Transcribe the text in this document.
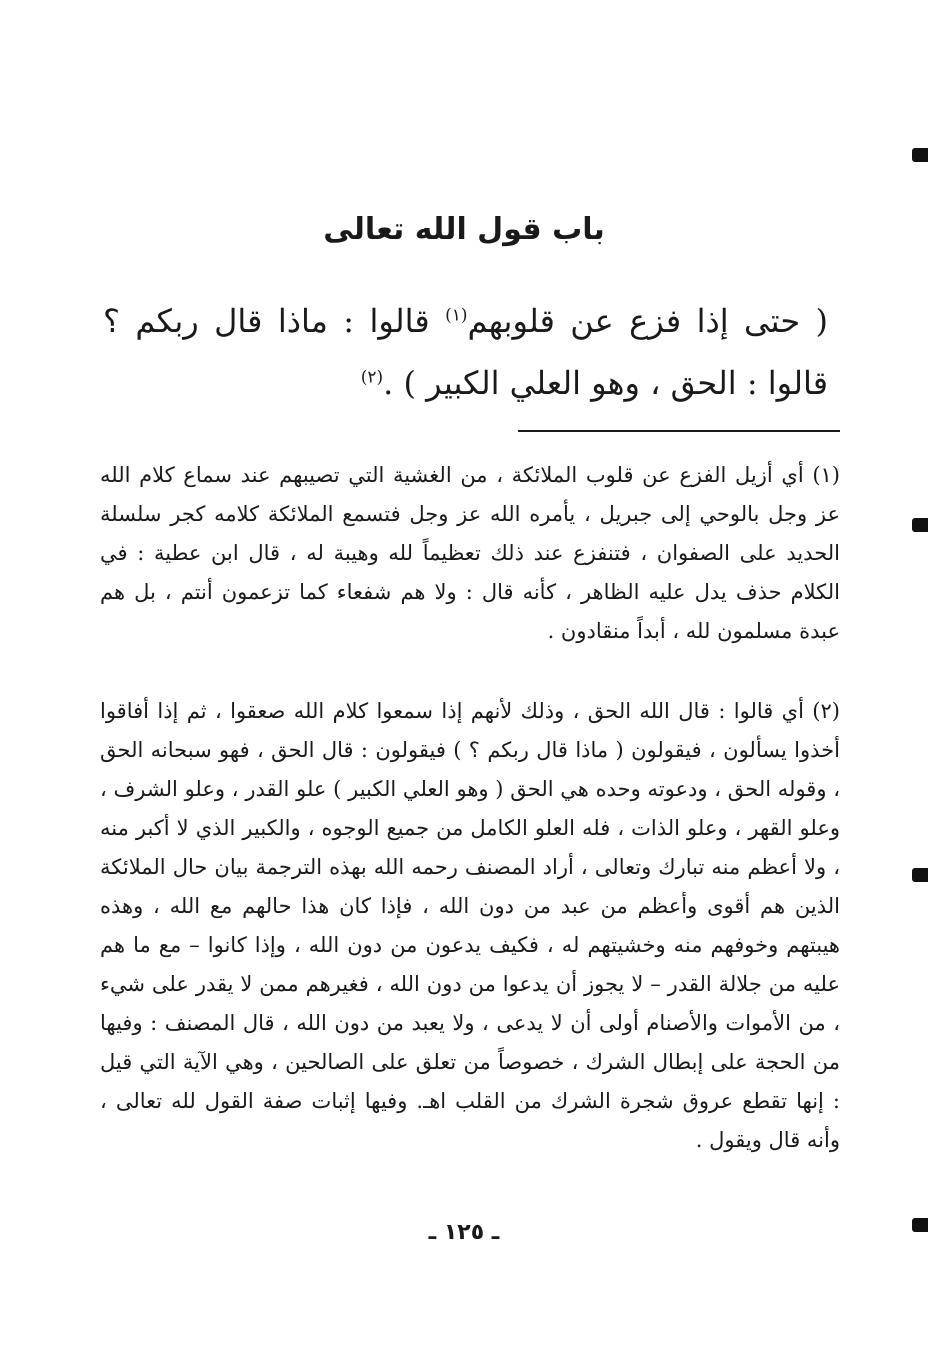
باب قول الله تعالى
( حتى إذا فزع عن قلوبهم$^{(١)}$ قالوا : ماذا قال ربكم ؟ قالوا : الحق ، وهو العلي الكبير ) .$^{(٢)}$
(١) أي أزيل الفزع عن قلوب الملائكة ، من الغشية التي تصيبهم عند سماع كلام الله عز وجل بالوحي إلى جبريل ، يأمره الله عز وجل فتسمع الملائكة كلامه كجر سلسلة الحديد على الصفوان ، فتنفزع عند ذلك تعظيماً لله وهيبة له ، قال ابن عطية : في الكلام حذف يدل عليه الظاهر ، كأنه قال : ولا هم شفعاء كما تزعمون أنتم ، بل هم عبدة مسلمون لله ، أبداً منقادون .
(٢) أي قالوا : قال الله الحق ، وذلك لأنهم إذا سمعوا كلام الله صعقوا ، ثم إذا أفاقوا أخذوا يسألون ، فيقولون ( ماذا قال ربكم ؟ ) فيقولون : قال الحق ، فهو سبحانه الحق ، وقوله الحق ، ودعوته وحده هي الحق ( وهو العلي الكبير ) علو القدر ، وعلو الشرف ، وعلو القهر ، وعلو الذات ، فله العلو الكامل من جميع الوجوه ، والكبير الذي لا أكبر منه ، ولا أعظم منه تبارك وتعالى ، أراد المصنف رحمه الله بهذه الترجمة بيان حال الملائكة الذين هم أقوى وأعظم من عبد من دون الله ، فإذا كان هذا حالهم مع الله ، وهذه هيبتهم وخوفهم منه وخشيتهم له ، فكيف يدعون من دون الله ، وإذا كانوا – مع ما هم عليه من جلالة القدر – لا يجوز أن يدعوا من دون الله ، فغيرهم ممن لا يقدر على شيء ، من الأموات والأصنام أولى أن لا يدعى ، ولا يعبد من دون الله ، قال المصنف : وفيها من الحجة على إبطال الشرك ، خصوصاً من تعلق على الصالحين ، وهي الآية التي قيل : إنها تقطع عروق شجرة الشرك من القلب اهـ. وفيها إثبات صفة القول لله تعالى ، وأنه قال ويقول .
ـ ١٢٥ ـ
